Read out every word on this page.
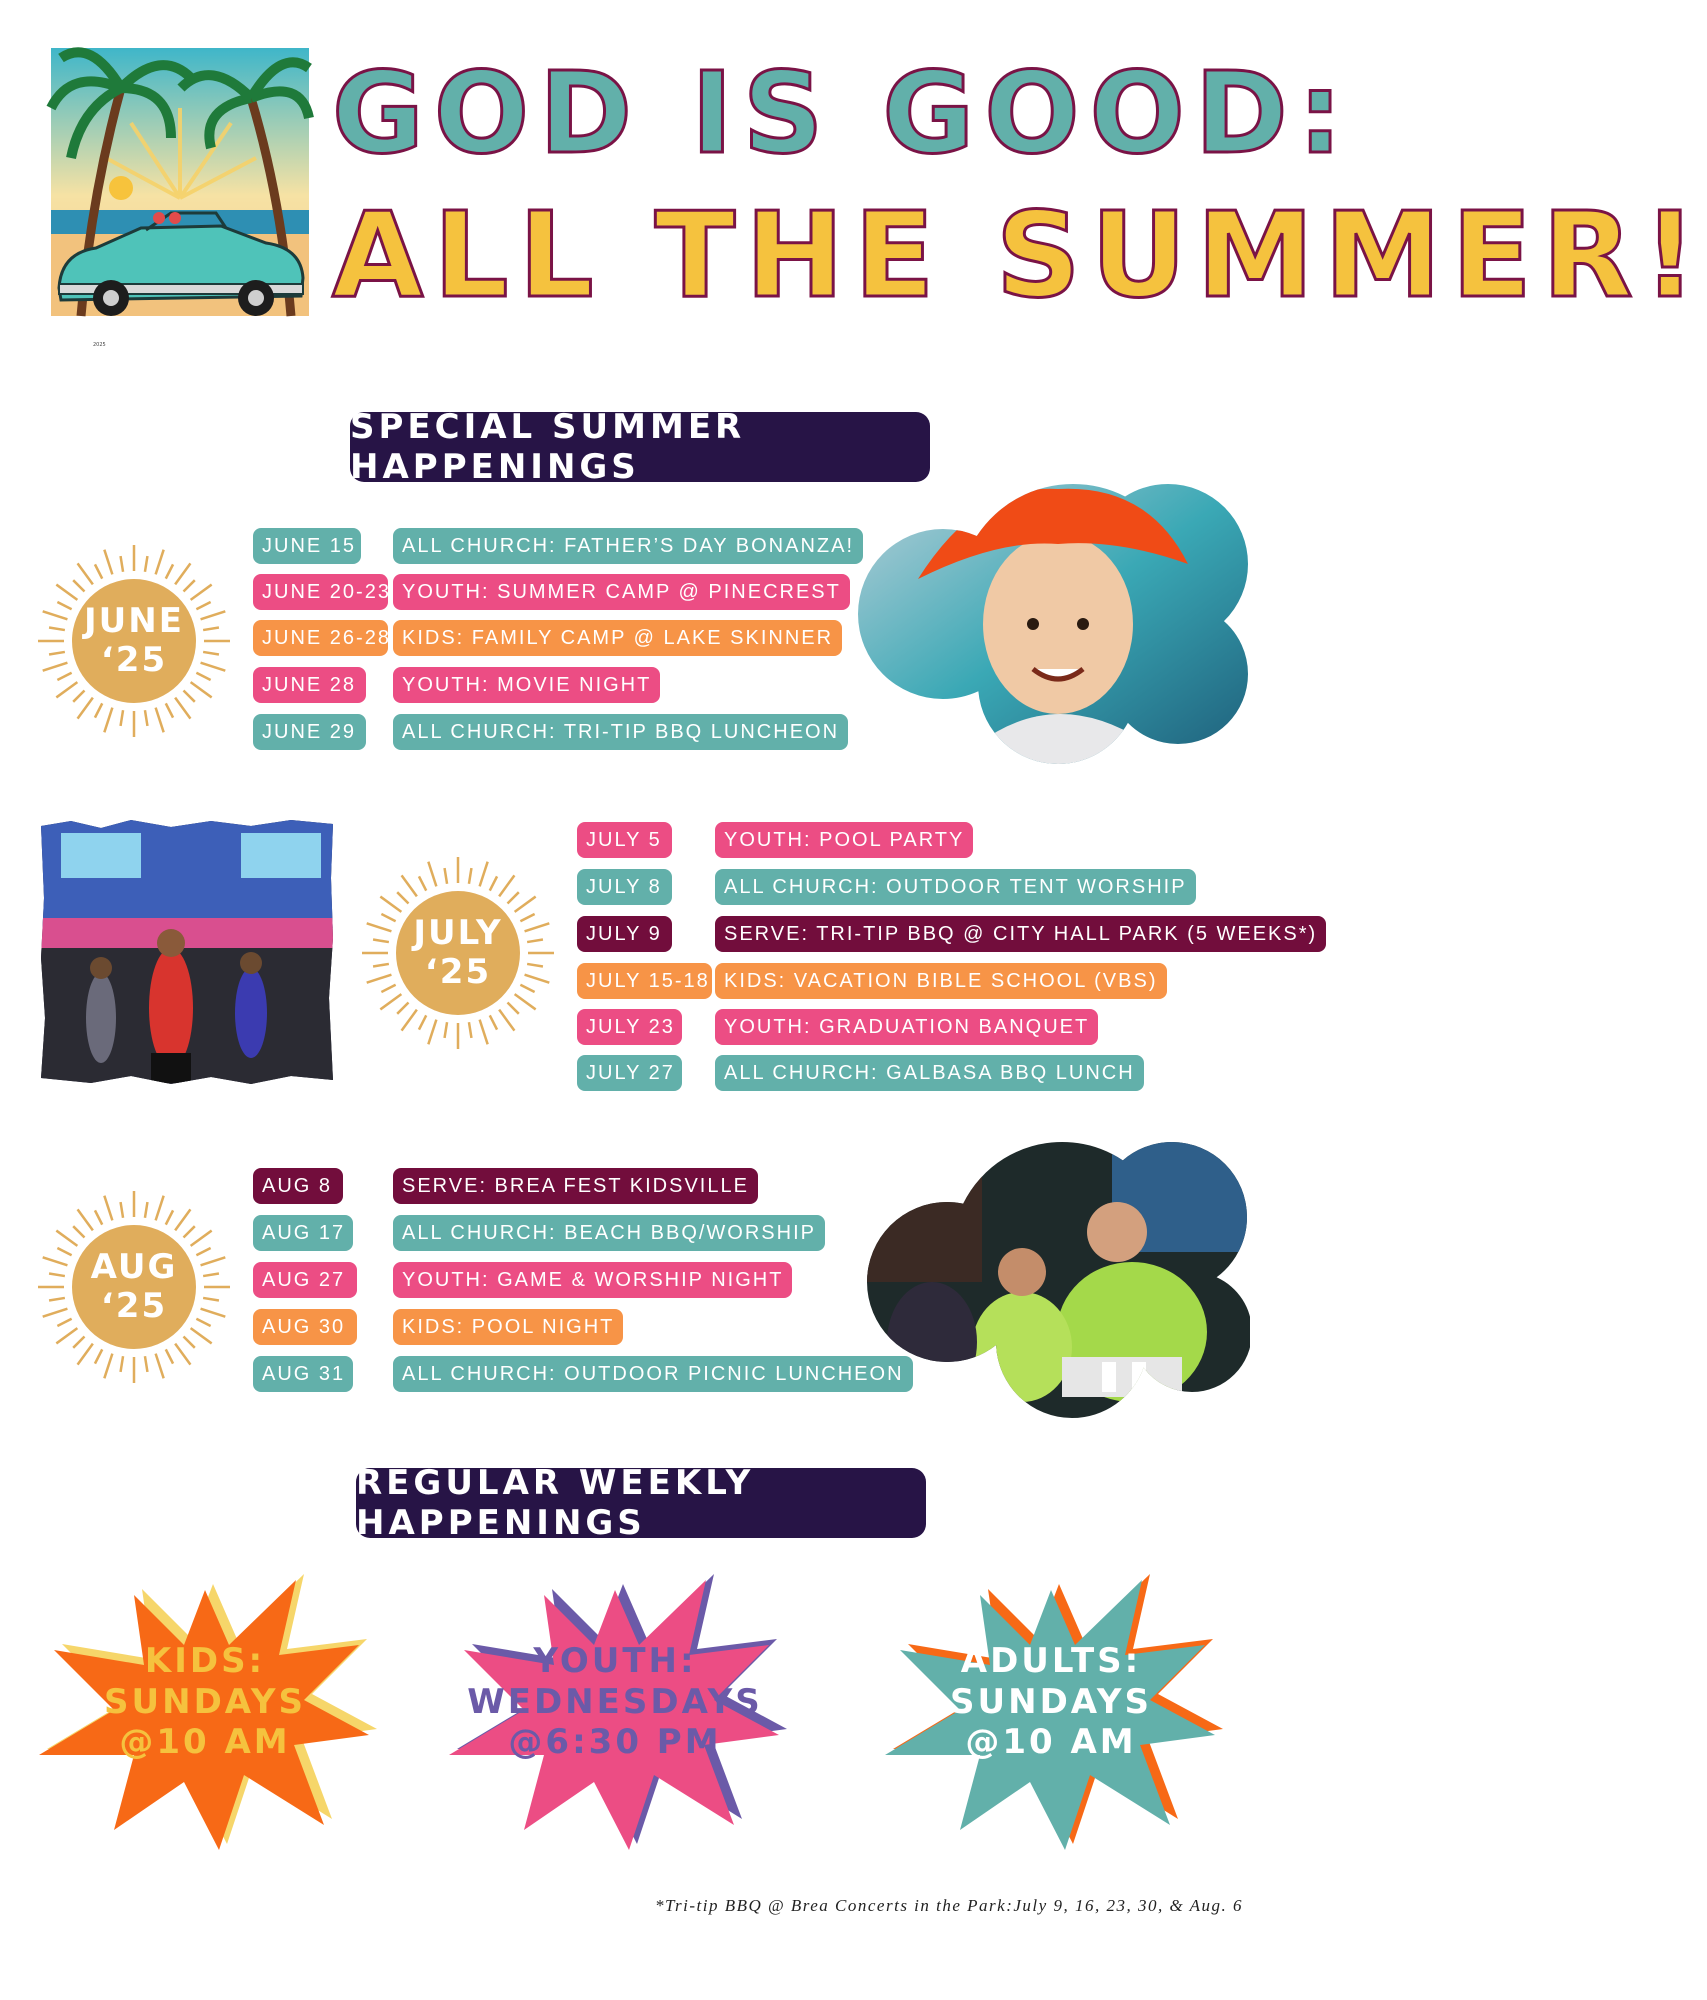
2025
GOD IS GOOD:
ALL THE SUMMER!
SPECIAL SUMMER HAPPENINGS
JUNE
‘25
JUNE 15	ALL CHURCH: FATHER’S DAY BONANZA!
JUNE 20-23 YOUTH: SUMMER CAMP @ PINECREST
JUNE 26-28 KIDS: FAMILY CAMP @ LAKE SKINNER
JUNE 28	YOUTH: MOVIE NIGHT
JUNE 29	ALL CHURCH: TRI-TIP BBQ LUNCHEON
JULY
‘25
JULY 5	YOUTH: POOL PARTY
JULY 8	ALL CHURCH: OUTDOOR TENT WORSHIP
JULY 9	SERVE: TRI-TIP BBQ @ CITY HALL PARK (5 WEEKS*)
JULY 15-18 KIDS: VACATION BIBLE SCHOOL (VBS)
JULY 23	YOUTH: GRADUATION BANQUET
JULY 27	ALL CHURCH: GALBASA BBQ LUNCH
AUG
‘25
AUG 8	SERVE: BREA FEST KIDSVILLE
AUG 17	ALL CHURCH: BEACH BBQ/WORSHIP
AUG 27	YOUTH: GAME & WORSHIP NIGHT
AUG 30	KIDS: POOL NIGHT
AUG 31	ALL CHURCH: OUTDOOR PICNIC LUNCHEON
REGULAR WEEKLY HAPPENINGS
KIDS:
SUNDAYS
@10 AM
YOUTH:
WEDNESDAYS
@6:30 PM
ADULTS:
SUNDAYS
@10 AM
*Tri-tip BBQ @ Brea Concerts in the Park:July 9, 16, 23, 30, & Aug. 6
